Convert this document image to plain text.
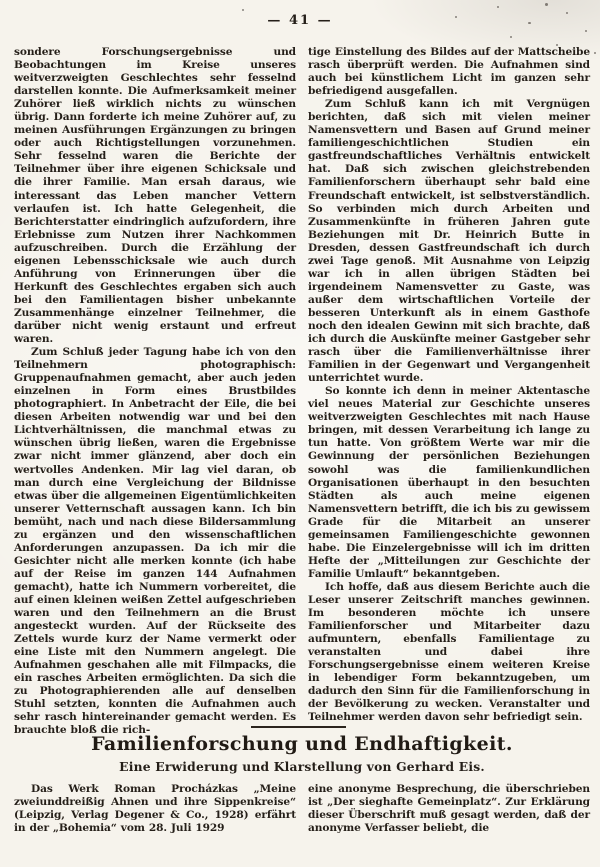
— 41 —

sondere Forschungsergebnisse und Beobachtungen im Kreise unseres weitverzweigten Geschlechtes sehr fesselnd darstellen konnte. Die Aufmerksamkeit meiner Zuhörer ließ wirklich nichts zu wünschen übrig. Dann forderte ich meine Zuhörer auf, zu meinen Ausführungen Ergänzungen zu bringen oder auch Richtigstellungen vorzunehmen. Sehr fesselnd waren die Berichte der Teilnehmer über ihre eigenen Schicksale und die ihrer Familie. Man ersah daraus, wie interessant das Leben mancher Vettern verlaufen ist. Ich hatte Gelegenheit, die Berichterstatter eindringlich aufzufordern, ihre Erlebnisse zum Nutzen ihrer Nachkommen aufzuschreiben. Durch die Erzählung der eigenen Lebensschicksale wie auch durch Anführung von Erinnerungen über die Herkunft des Geschlechtes ergaben sich auch bei den Familientagen bisher unbekannte Zusammenhänge einzelner Teilnehmer, die darüber nicht wenig erstaunt und erfreut waren.

Zum Schluß jeder Tagung habe ich von den Teilnehmern photographisch: Gruppenaufnahmen gemacht, aber auch jeden einzelnen in Form eines Brustbildes photographiert. In Anbetracht der Eile, die bei diesen Arbeiten notwendig war und bei den Lichtverhältnissen, die manchmal etwas zu wünschen übrig ließen, waren die Ergebnisse zwar nicht immer glänzend, aber doch ein wertvolles Andenken. Mir lag viel daran, ob man durch eine Vergleichung der Bildnisse etwas über die allgemeinen Eigentümlichkeiten unserer Vetternschaft aussagen kann. Ich bin bemüht, nach und nach diese Bildersammlung zu ergänzen und den wissenschaftlichen Anforderungen anzupassen. Da ich mir die Gesichter nicht alle merken konnte (ich habe auf der Reise im ganzen 144 Aufnahmen gemacht), hatte ich Nummern vorbereitet, die auf einen kleinen weißen Zettel aufgeschrieben waren und den Teilnehmern an die Brust angesteckt wurden. Auf der Rückseite des Zettels wurde kurz der Name vermerkt oder eine Liste mit den Nummern angelegt. Die Aufnahmen geschahen alle mit Filmpacks, die ein rasches Arbeiten ermöglichten. Da sich die zu Photographierenden alle auf denselben Stuhl setzten, konnten die Aufnahmen auch sehr rasch hintereinander gemacht werden. Es brauchte bloß die rich-

tige Einstellung des Bildes auf der Mattscheibe rasch überprüft werden. Die Aufnahmen sind auch bei künstlichem Licht im ganzen sehr befriedigend ausgefallen.

Zum Schluß kann ich mit Vergnügen berichten, daß sich mit vielen meiner Namensvettern und Basen auf Grund meiner familiengeschichtlichen Studien ein gastfreundschaftliches Verhältnis entwickelt hat. Daß sich zwischen gleichstrebenden Familienforschern überhaupt sehr bald eine Freundschaft entwickelt, ist selbstverständlich. So verbinden mich durch Arbeiten und Zusammenkünfte in früheren Jahren gute Beziehungen mit Dr. Heinrich Butte in Dresden, dessen Gastfreundschaft ich durch zwei Tage genoß. Mit Ausnahme von Leipzig war ich in allen übrigen Städten bei irgendeinem Namensvetter zu Gaste, was außer dem wirtschaftlichen Vorteile der besseren Unterkunft als in einem Gasthofe noch den idealen Gewinn mit sich brachte, daß ich durch die Auskünfte meiner Gastgeber sehr rasch über die Familienverhältnisse ihrer Familien in der Gegenwart und Vergangenheit unterrichtet wurde.

So konnte ich denn in meiner Aktentasche viel neues Material zur Geschichte unseres weitverzweigten Geschlechtes mit nach Hause bringen, mit dessen Verarbeitung ich lange zu tun hatte. Von größtem Werte war mir die Gewinnung der persönlichen Beziehungen sowohl was die familienkundlichen Organisationen überhaupt in den besuchten Städten als auch meine eigenen Namensvettern betrifft, die ich bis zu gewissem Grade für die Mitarbeit an unserer gemeinsamen Familiengeschichte gewonnen habe. Die Einzelergebnisse will ich im dritten Hefte der „Mitteilungen zur Geschichte der Familie Umlauft“ bekanntgeben.

Ich hoffe, daß aus diesem Berichte auch die Leser unserer Zeitschrift manches gewinnen. Im besonderen möchte ich unsere Familienforscher und Mitarbeiter dazu aufmuntern, ebenfalls Familientage zu veranstalten und dabei ihre Forschungsergebnisse einem weiteren Kreise in lebendiger Form bekanntzugeben, um dadurch den Sinn für die Familienforschung in der Bevölkerung zu wecken. Veranstalter und Teilnehmer werden davon sehr befriedigt sein.

Familienforschung und Endhaftigkeit.
Eine Erwiderung und Klarstellung von Gerhard Eis.

Das Werk Roman Procházkas „Meine zweiunddreißig Ahnen und ihre Sippenkreise“ (Leipzig, Verlag Degener & Co., 1928) erfährt in der „Bohemia“ vom 28. Juli 1929

eine anonyme Besprechung, die überschrieben ist „Der sieghafte Gemeinplatz“. Zur Erklärung dieser Überschrift muß gesagt werden, daß der anonyme Verfasser beliebt, die
